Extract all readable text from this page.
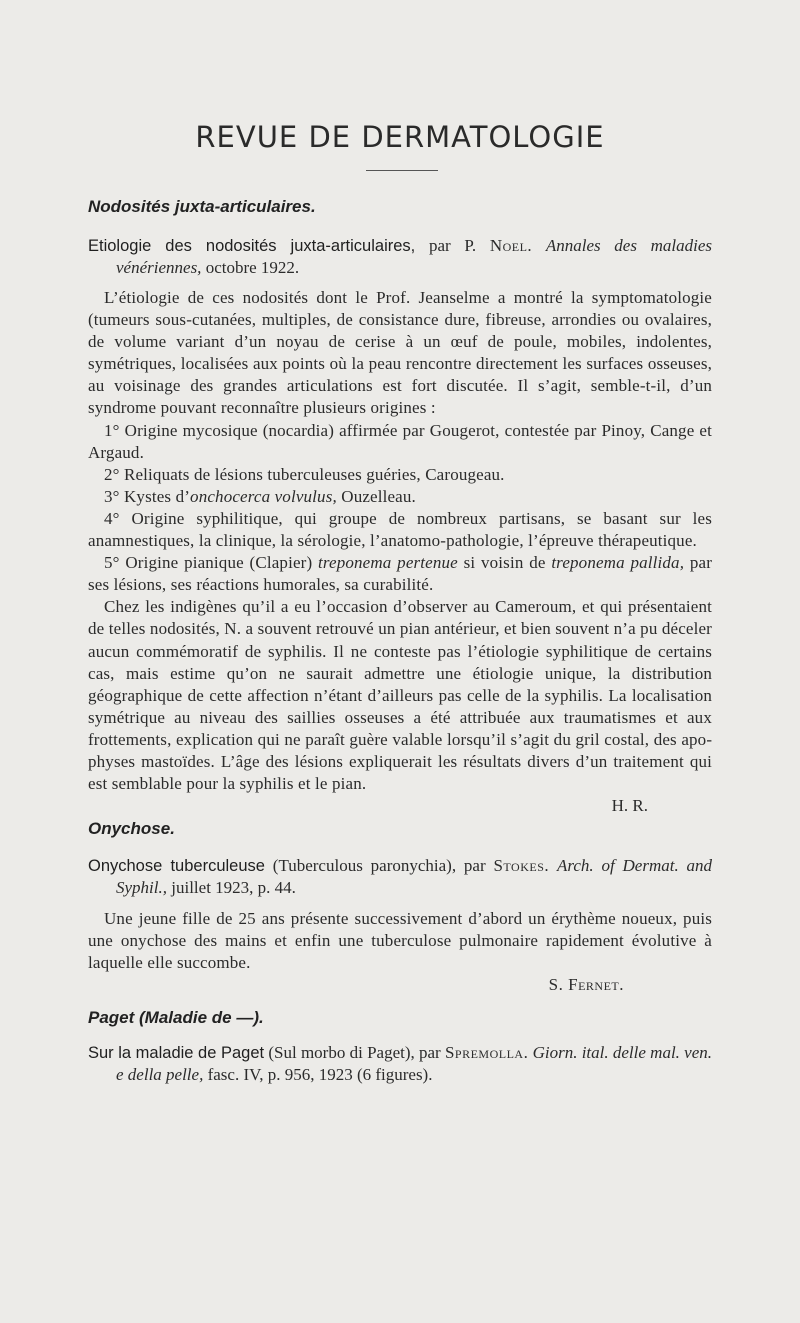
REVUE DE DERMATOLOGIE
Nodosités juxta-articulaires.

Etiologie des nodosités juxta-articulaires, par P. Noel. Annales des maladies vénériennes, octobre 1922.

L’étiologie de ces nodosités dont le Prof. Jeanselme a montré la symptomatologie (tumeurs sous-cutanées, multiples, de consistance dure, fibreuse, arrondies ou ovalaires, de volume variant d’un noyau de cerise à un œuf de poule, mobiles, indolentes, symétriques, localisées aux points où la peau rencontre directement les surfaces osseuses, au voisinage des grandes articulations est fort discutée. Il s’agit, semble-t-il, d’un syndrome pouvant reconnaître plusieurs origines :

1° Origine mycosique (nocardia) affirmée par Gougerot, contestée par Pinoy, Cange et Argaud.

2° Reliquats de lésions tuberculeuses guéries, Carougeau.

3° Kystes d’onchocerca volvulus, Ouzelleau.

4° Origine syphilitique, qui groupe de nombreux partisans, se basant sur les anamnestiques, la clinique, la sérologie, l’anatomo-pathologie, l’épreuve thérapeutique.

5° Origine pianique (Clapier) treponema pertenue si voisin de treponema pallida, par ses lésions, ses réactions humorales, sa curabilité.

Chez les indigènes qu’il a eu l’occasion d’observer au Cameroum, et qui présentaient de telles nodosités, N. a souvent retrouvé un pian antérieur, et bien souvent n’a pu déceler aucun commémoratif de syphilis. Il ne conteste pas l’étiologie syphilitique de certains cas, mais estime qu’on ne saurait admettre une étiologie unique, la distribution géographique de cette affection n’étant d’ailleurs pas celle de la syphilis. La localisation symétrique au niveau des saillies osseuses a été attribuée aux traumatismes et aux frottements, explication qui ne paraît guère valable lorsqu’il s’agit du gril costal, des apophyses mastoïdes. L’âge des lésions expliquerait les résultats divers d’un traitement qui est semblable pour la syphilis et le pian.

H. R.

Onychose.

Onychose tuberculeuse (Tuberculous paronychia), par Stokes. Arch. of Dermat. and Syphil., juillet 1923, p. 44.

Une jeune fille de 25 ans présente successivement d’abord un érythème noueux, puis une onychose des mains et enfin une tuberculose pulmonaire rapidement évolutive à laquelle elle succombe.

S. Fernet.

Paget (Maladie de —).

Sur la maladie de Paget (Sul morbo di Paget), par Spremolla. Giorn. ital. delle mal. ven. e della pelle, fasc. IV, p. 956, 1923 (6 figures).
